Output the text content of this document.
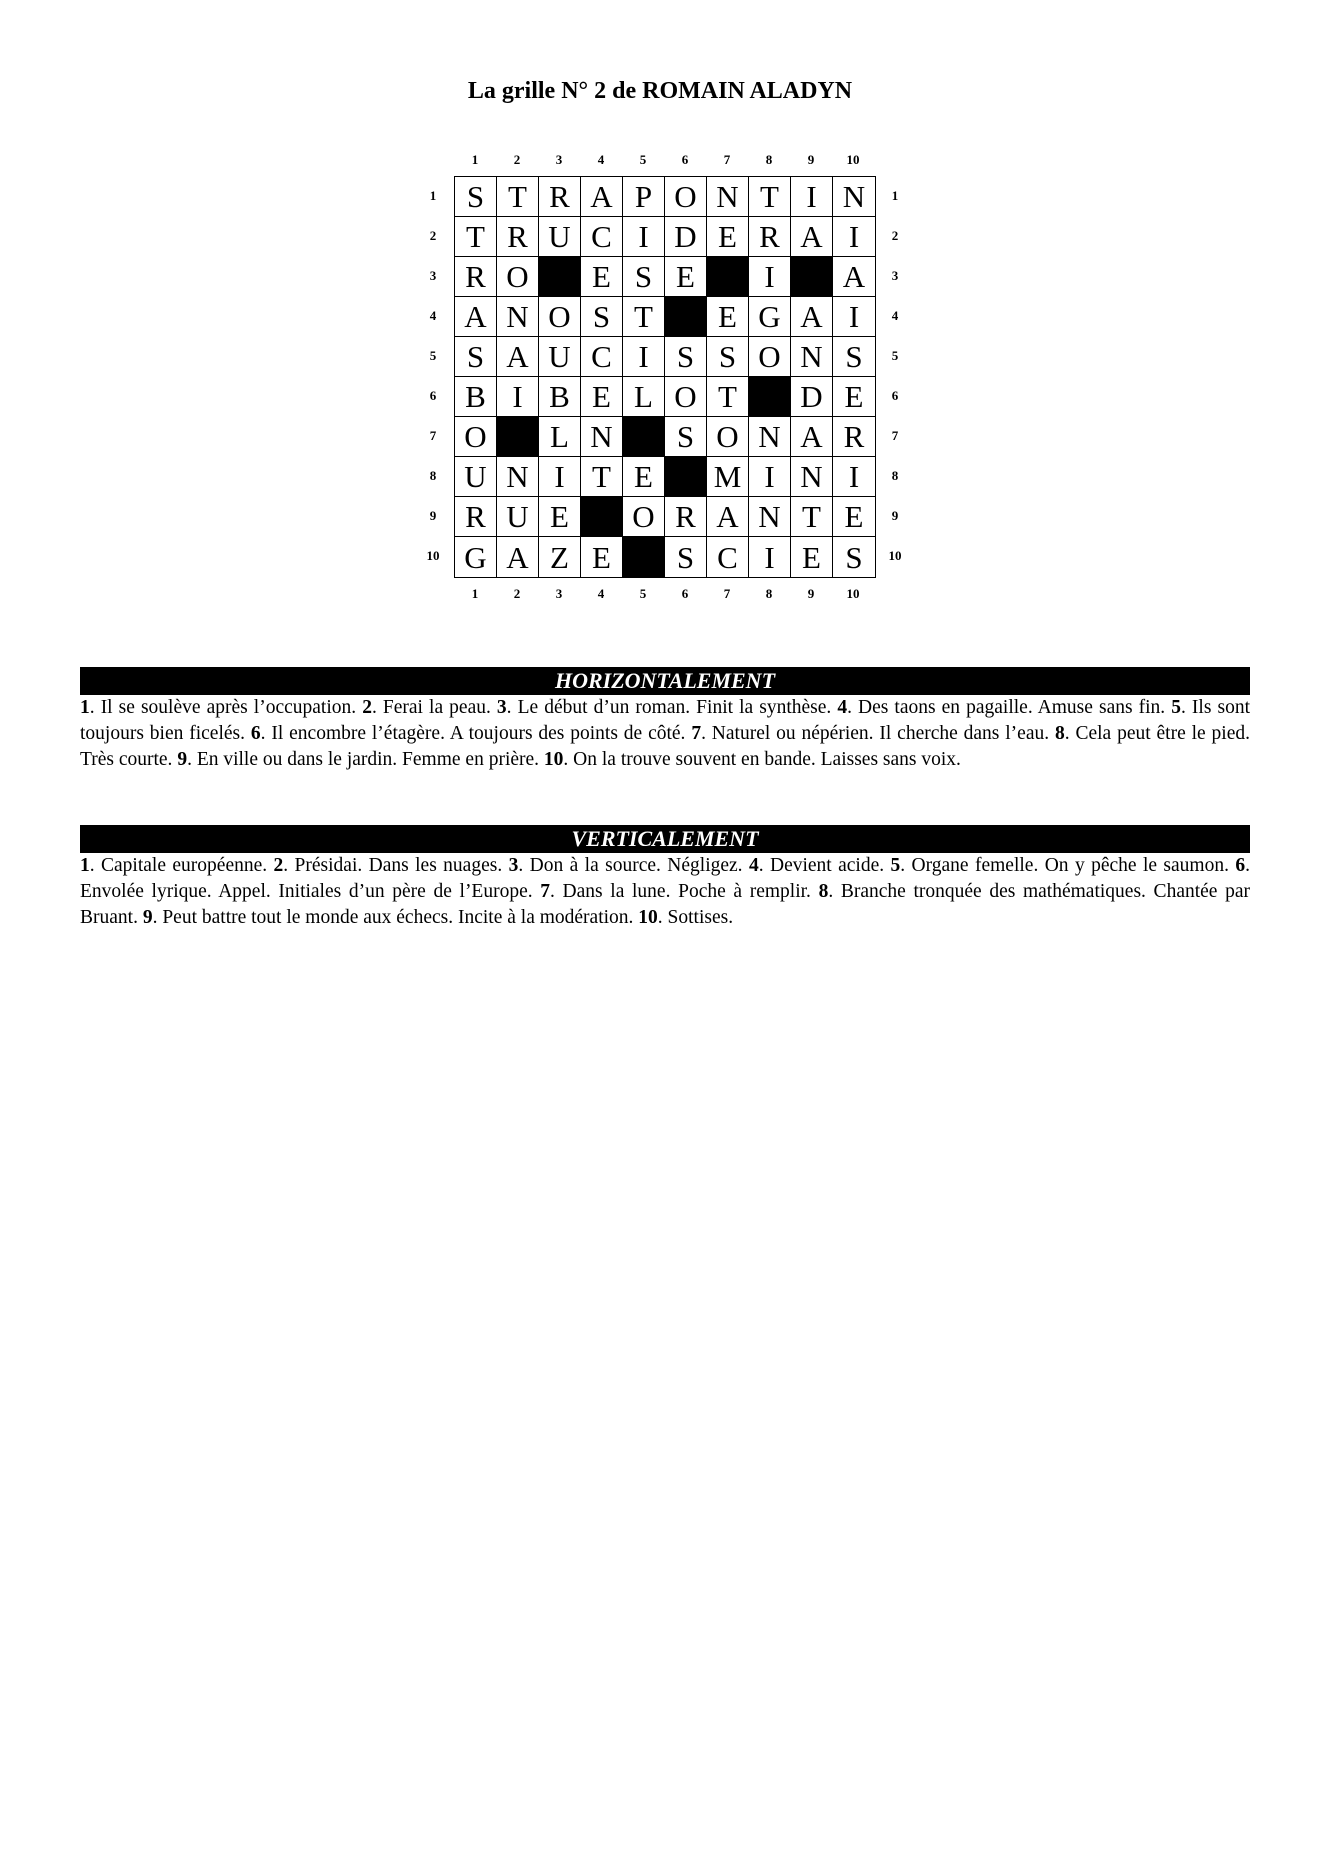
La grille N° 2 de ROMAIN ALADYN
1	2	3	4	5	6	7	8	9	10
1
2
3
4
5
6
7
8
9
10
S T R A P O N T I N
T R U C I D E R A I
R O	E S E	I	A
A N O S T	E G A I
S A U C I S S O N S
B I B E L O T	D E
O	L N	S O N A R
U N I T E	M I N I
R U E	O R A N T E
G A Z E	S C I E S
1
2
3
4
5
6
7
8
9
10
1	2	3	4	5	6	7	8	9	10
HORIZONTALEMENT
1. Il se soulève après l’occupation. 2. Ferai la peau. 3. Le début d’un roman. Finit la synthèse. 4. Des taons en pagaille. Amuse sans fin. 5. Ils sont toujours bien ficelés. 6. Il encombre l’étagère. A toujours des points de côté. 7. Naturel ou népérien. Il cherche dans l’eau. 8. Cela peut être le pied. Très courte. 9. En ville ou dans le jardin. Femme en prière. 10. On la trouve souvent en bande. Laisses sans voix.
VERTICALEMENT
1. Capitale européenne. 2. Présidai. Dans les nuages. 3. Don à la source. Négligez. 4. Devient acide. 5. Organe femelle. On y pêche le saumon. 6. Envolée lyrique. Appel. Initiales d’un père de l’Europe. 7. Dans la lune. Poche à remplir. 8. Branche tronquée des mathématiques. Chantée par Bruant. 9. Peut battre tout le monde aux échecs. Incite à la modération. 10. Sottises.
